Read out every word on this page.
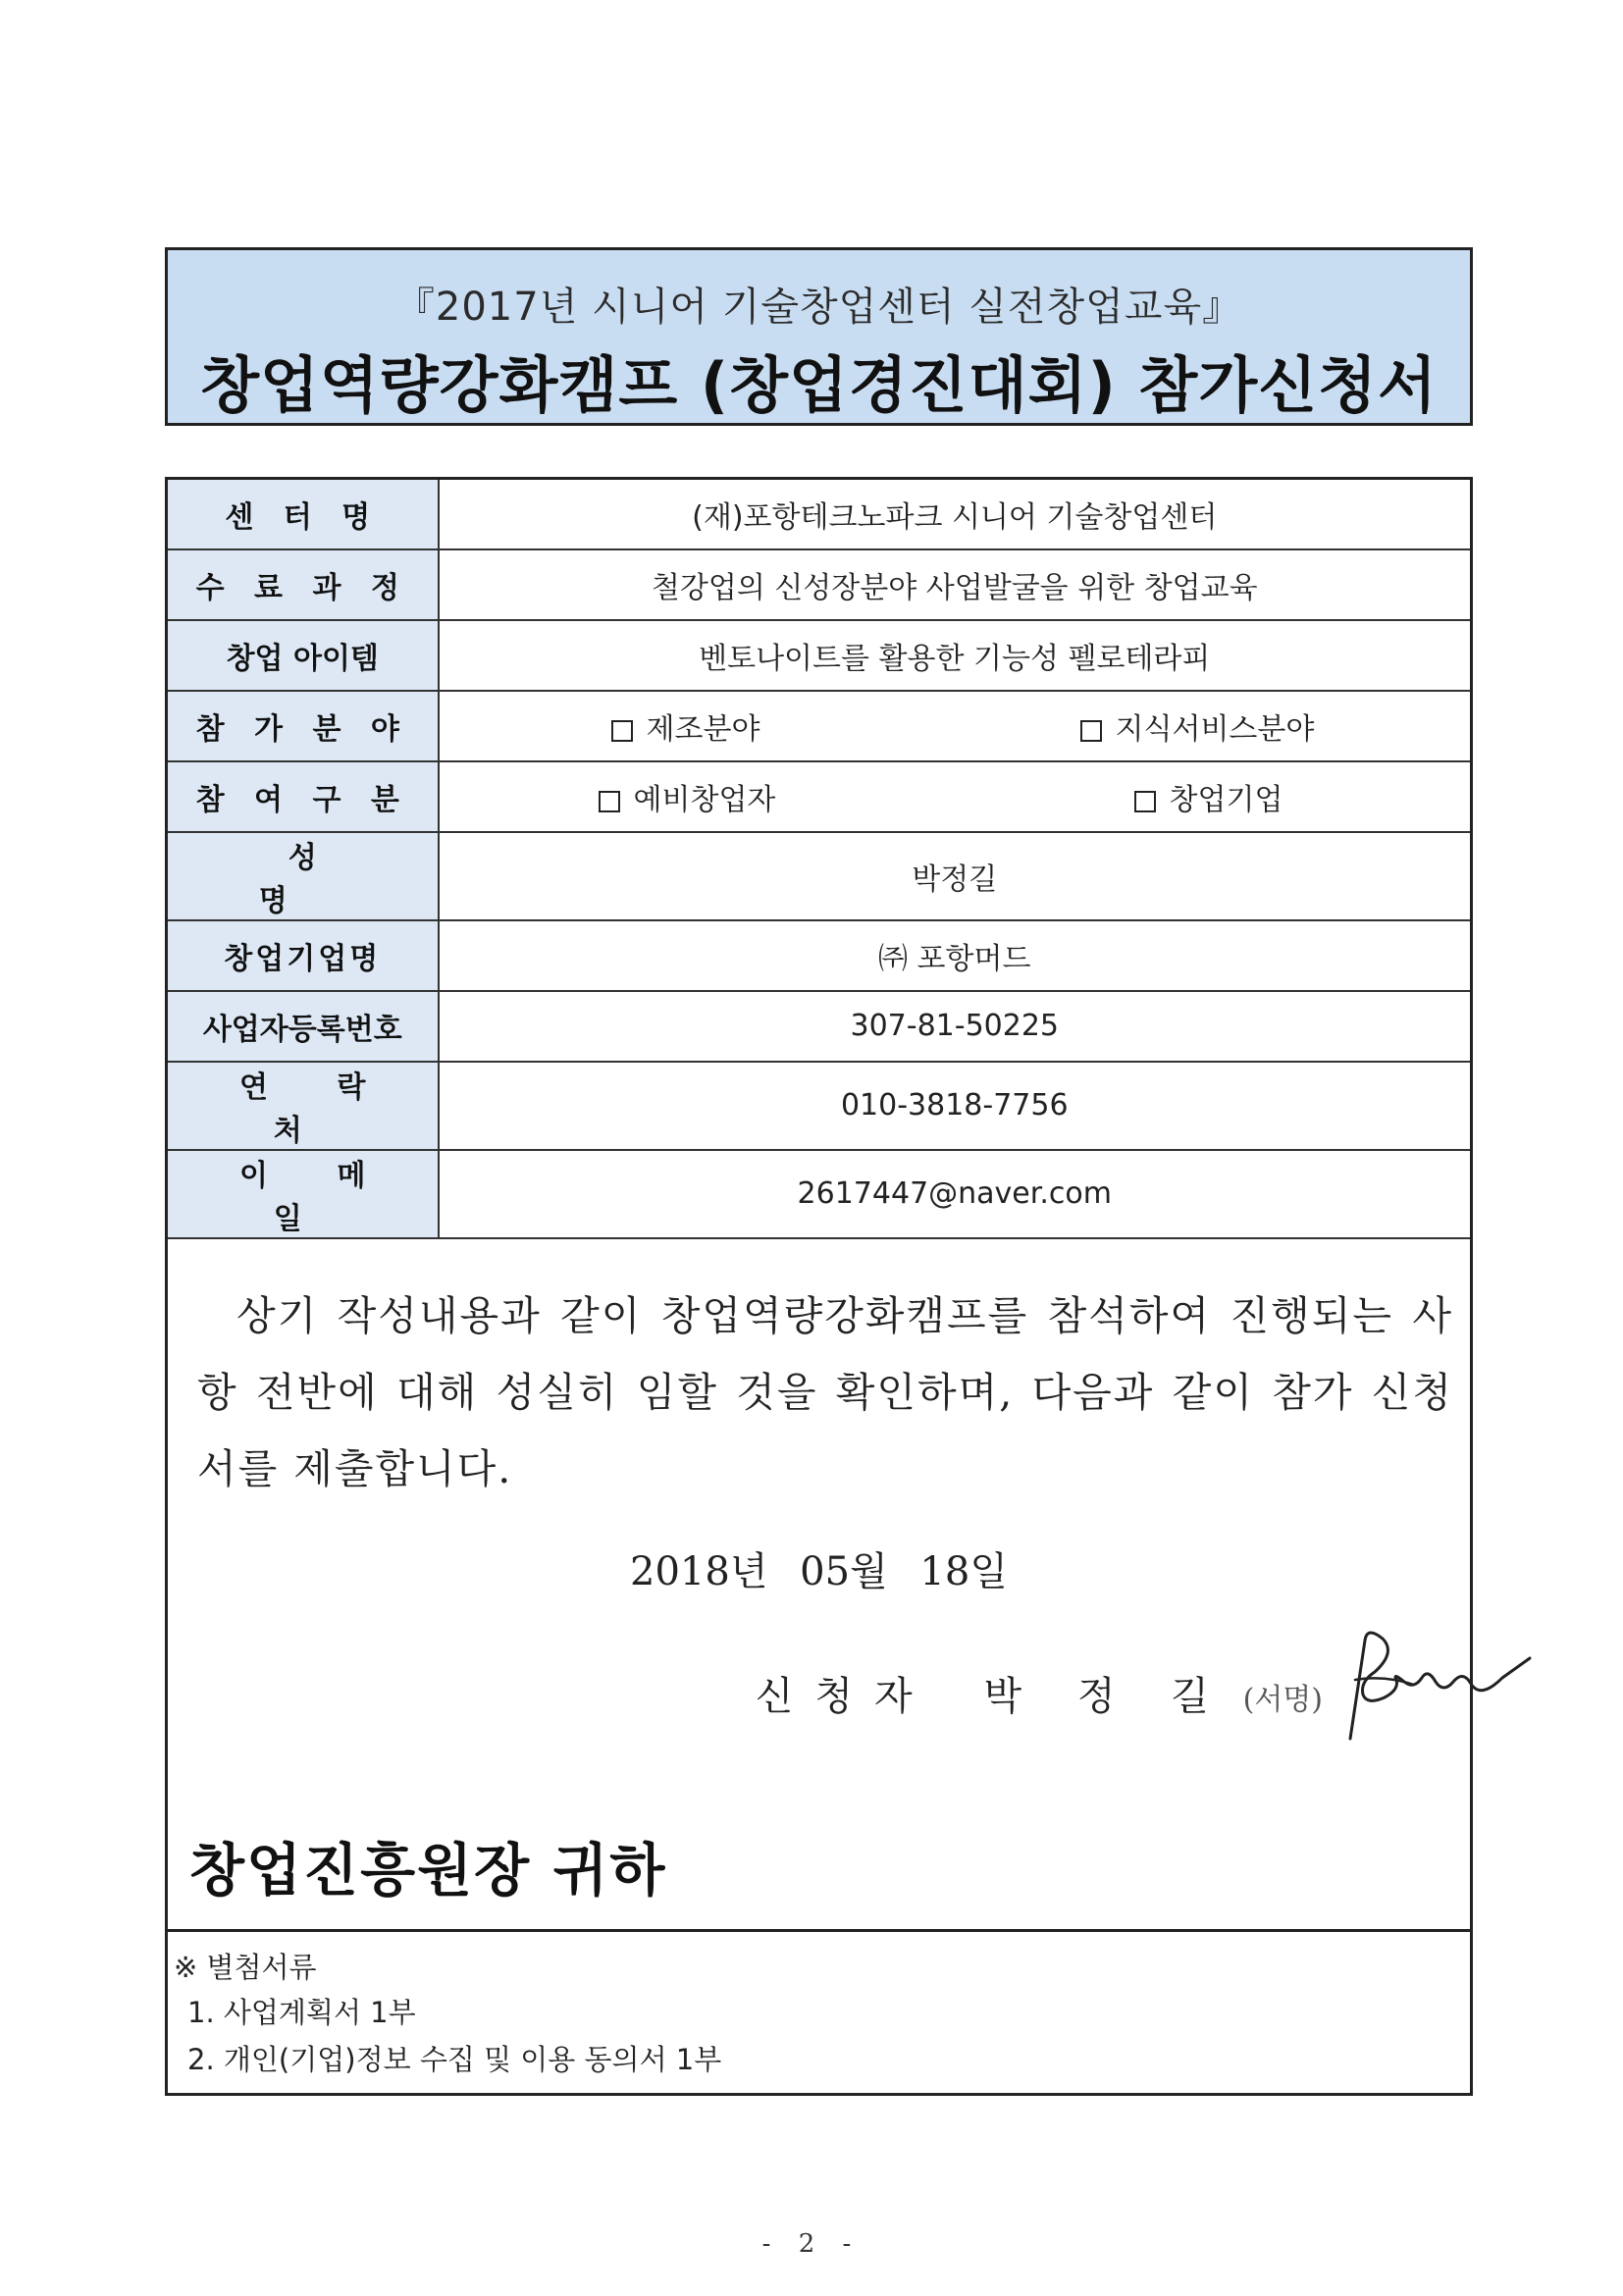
『2017년 시니어 기술창업센터 실전창업교육』
창업역량강화캠프 (창업경진대회) 참가신청서
센 터 명	(재)포항테크노파크 시니어 기술창업센터
수 료 과 정	철강업의 신성장분야 사업발굴을 위한 창업교육
창업 아이템	벤토나이트를 활용한 기능성 펠로테라피
참 가 분 야	제조분야 지식서비스분야

참 여 구 분	예비창업자 창업기업

성 명	박정길
창업기업명	㈜ 포항머드
사업자등록번호	307-81-50225
연 락 처	010-3818-7756
이 메 일	2617447@naver.com
상기 작성내용과 같이 창업역량강화캠프를 참석하여 진행되는 사항 전반에 대해 성실히 임할 것을 확인하며, 다음과 같이 참가 신청서를 제출합니다.
2018년 05월 18일
신청자 박 정 길 (서명)
창업진흥원장 귀하
※ 별첨서류
1. 사업계획서 1부
2. 개인(기업)정보 수집 및 이용 동의서 1부
- 2 -
